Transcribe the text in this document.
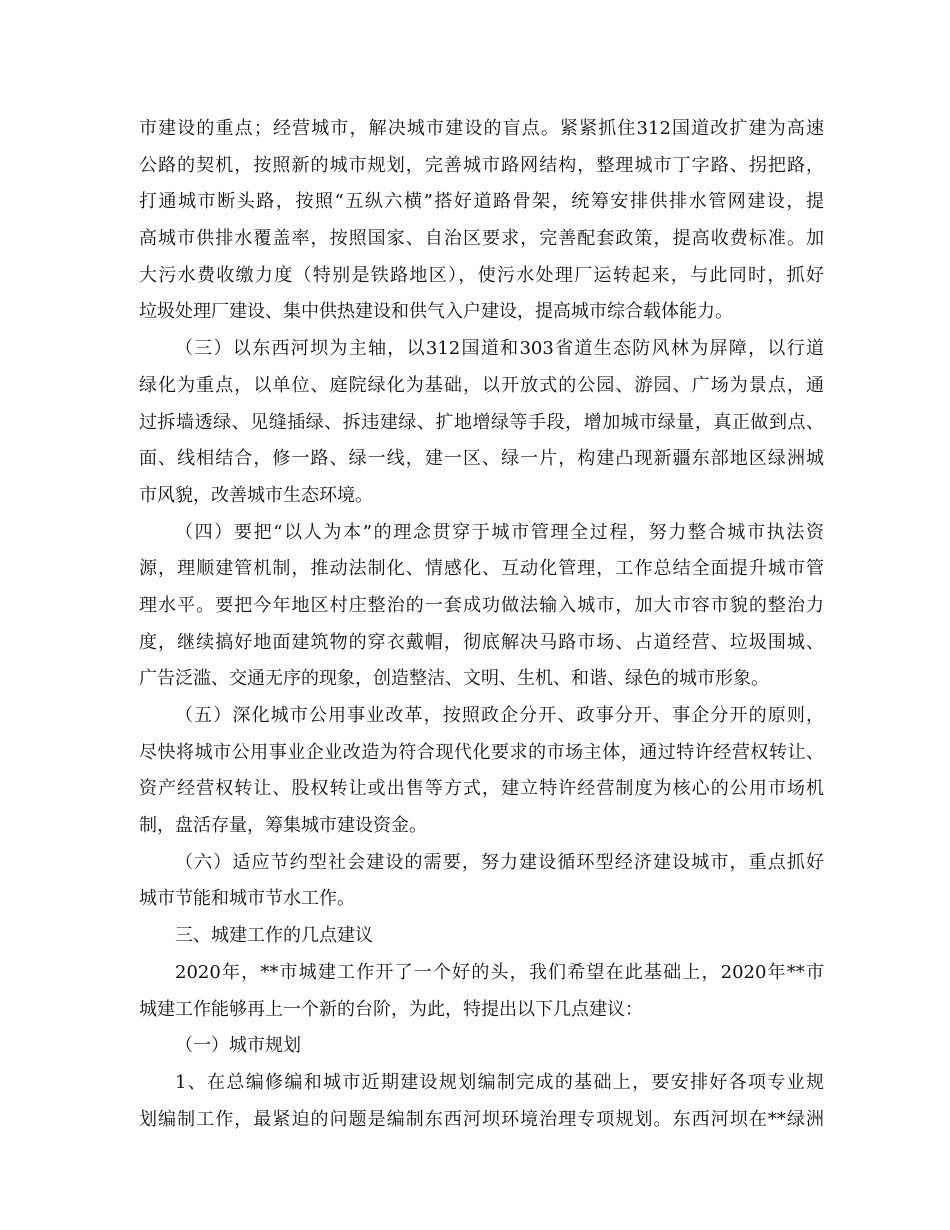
市建设的重点；经营城市，解决城市建设的盲点。紧紧抓住312国道改扩建为高速
公路的契机，按照新的城市规划，完善城市路网结构，整理城市丁字路、拐把路，
打通城市断头路，按照“五纵六横”搭好道路骨架，统筹安排供排水管网建设，提
高城市供排水覆盖率，按照国家、自治区要求，完善配套政策，提高收费标准。加
大污水费收缴力度（特别是铁路地区），使污水处理厂运转起来，与此同时，抓好
垃圾处理厂建设、集中供热建设和供气入户建设，提高城市综合载体能力。
（三）以东西河坝为主轴，以312国道和303省道生态防风林为屏障，以行道
绿化为重点，以单位、庭院绿化为基础，以开放式的公园、游园、广场为景点，通
过拆墙透绿、见缝插绿、拆违建绿、扩地增绿等手段，增加城市绿量，真正做到点、
面、线相结合，修一路、绿一线，建一区、绿一片，构建凸现新疆东部地区绿洲城
市风貌，改善城市生态环境。
（四）要把“以人为本”的理念贯穿于城市管理全过程，努力整合城市执法资
源，理顺建管机制，推动法制化、情感化、互动化管理，工作总结全面提升城市管
理水平。要把今年地区村庄整治的一套成功做法输入城市，加大市容市貌的整治力
度，继续搞好地面建筑物的穿衣戴帽，彻底解决马路市场、占道经营、垃圾围城、
广告泛滥、交通无序的现象，创造整洁、文明、生机、和谐、绿色的城市形象。
（五）深化城市公用事业改革，按照政企分开、政事分开、事企分开的原则，
尽快将城市公用事业企业改造为符合现代化要求的市场主体，通过特许经营权转让、
资产经营权转让、股权转让或出售等方式，建立特许经营制度为核心的公用市场机
制，盘活存量，筹集城市建设资金。
（六）适应节约型社会建设的需要，努力建设循环型经济建设城市，重点抓好
城市节能和城市节水工作。
三、城建工作的几点建议
2020年，**市城建工作开了一个好的头，我们希望在此基础上，2020年**市
城建工作能够再上一个新的台阶，为此，特提出以下几点建议：
（一）城市规划
1、在总编修编和城市近期建设规划编制完成的基础上，要安排好各项专业规
划编制工作，最紧迫的问题是编制东西河坝环境治理专项规划。东西河坝在**绿洲
